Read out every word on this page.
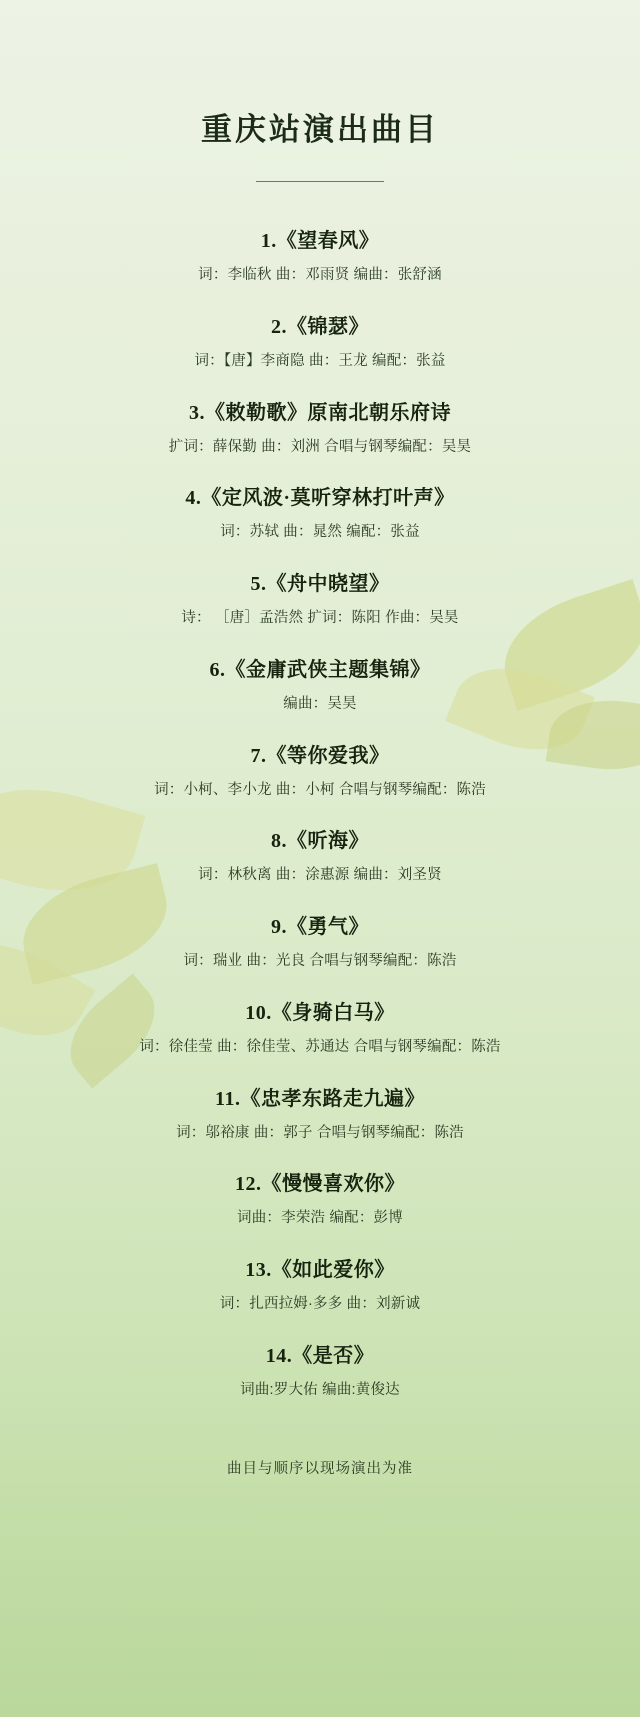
重庆站演出曲目
1.《望春风》
词：李临秋 曲：邓雨贤 编曲：张舒涵
2.《锦瑟》
词：【唐】李商隐 曲：王龙 编配：张益
3.《敕勒歌》原南北朝乐府诗
扩词：薛保勤 曲：刘洲 合唱与钢琴编配：吴昊
4.《定风波·莫听穿林打叶声》
词：苏轼 曲：晁然 编配：张益
5.《舟中晓望》
诗： ［唐］孟浩然 扩词：陈阳 作曲：吴昊
6.《金庸武侠主题集锦》
编曲：吴昊
7.《等你爱我》
词：小柯、李小龙 曲：小柯 合唱与钢琴编配：陈浩
8.《听海》
词：林秋离 曲：涂惠源 编曲：刘圣贤
9.《勇气》
词：瑞业 曲：光良 合唱与钢琴编配：陈浩
10.《身骑白马》
词：徐佳莹 曲：徐佳莹、苏通达 合唱与钢琴编配：陈浩
11.《忠孝东路走九遍》
词：邬裕康 曲：郭子 合唱与钢琴编配：陈浩
12.《慢慢喜欢你》
词曲：李荣浩 编配：彭博
13.《如此爱你》
词：扎西拉姆·多多 曲：刘新诚
14.《是否》
词曲:罗大佑 编曲:黄俊达
曲目与顺序以现场演出为准
